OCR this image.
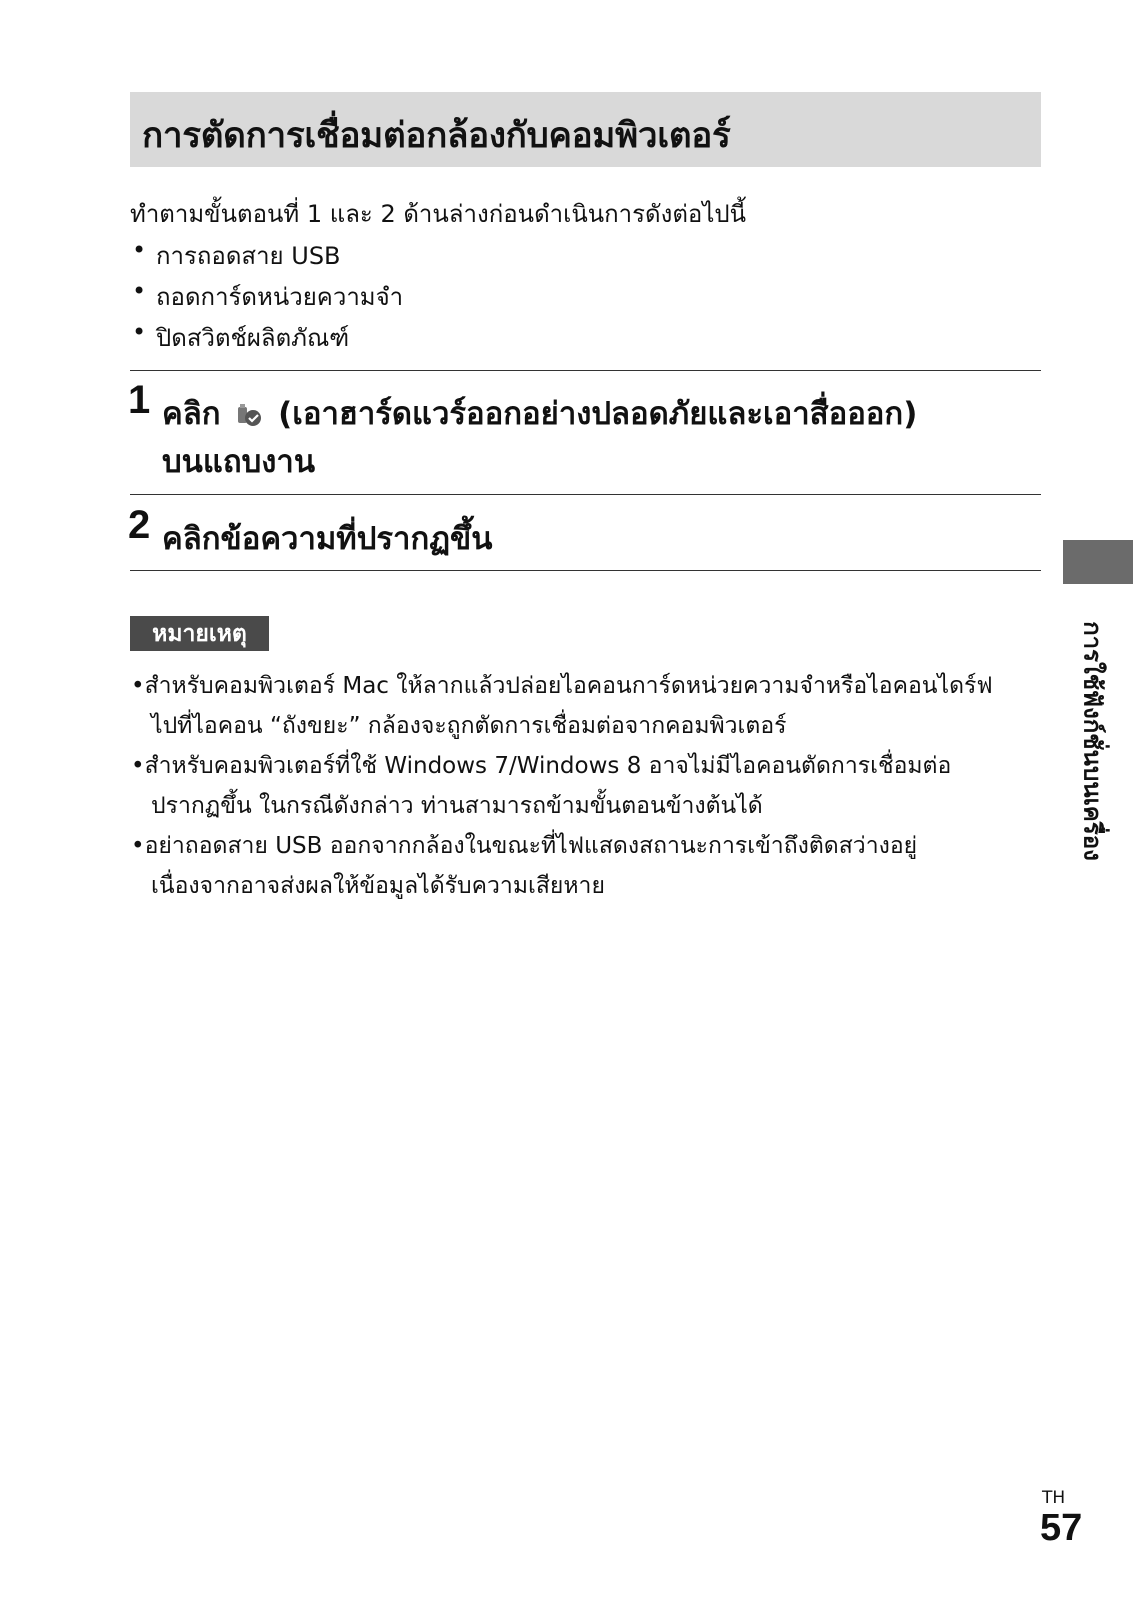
การตัดการเชื่อมต่อกล้องกับคอมพิวเตอร์
ทำตามขั้นตอนที่ 1 และ 2 ด้านล่างก่อนดำเนินการดังต่อไปนี้
• การถอดสาย USB
• ถอดการ์ดหน่วยความจำ
• ปิดสวิตช์ผลิตภัณฑ์
1 คลิก (เอาฮาร์ดแวร์ออกอย่างปลอดภัยและเอาสื่อออก)
บนแถบงาน
2 คลิกข้อความที่ปรากฏขึ้น
หมายเหตุ
•สำหรับคอมพิวเตอร์ Mac ให้ลากแล้วปล่อยไอคอนการ์ดหน่วยความจำหรือไอคอนไดร์ฟ
ไปที่ไอคอน “ถังขยะ” กล้องจะถูกตัดการเชื่อมต่อจากคอมพิวเตอร์
•สำหรับคอมพิวเตอร์ที่ใช้ Windows 7/Windows 8 อาจไม่มีไอคอนตัดการเชื่อมต่อ
ปรากฏขึ้น ในกรณีดังกล่าว ท่านสามารถข้ามขั้นตอนข้างต้นได้
•อย่าถอดสาย USB ออกจากกล้องในขณะที่ไฟแสดงสถานะการเข้าถึงติดสว่างอยู่
เนื่องจากอาจส่งผลให้ข้อมูลได้รับความเสียหาย
การใช้ฟังก์ชั่นบนเครื่อง
TH
57
